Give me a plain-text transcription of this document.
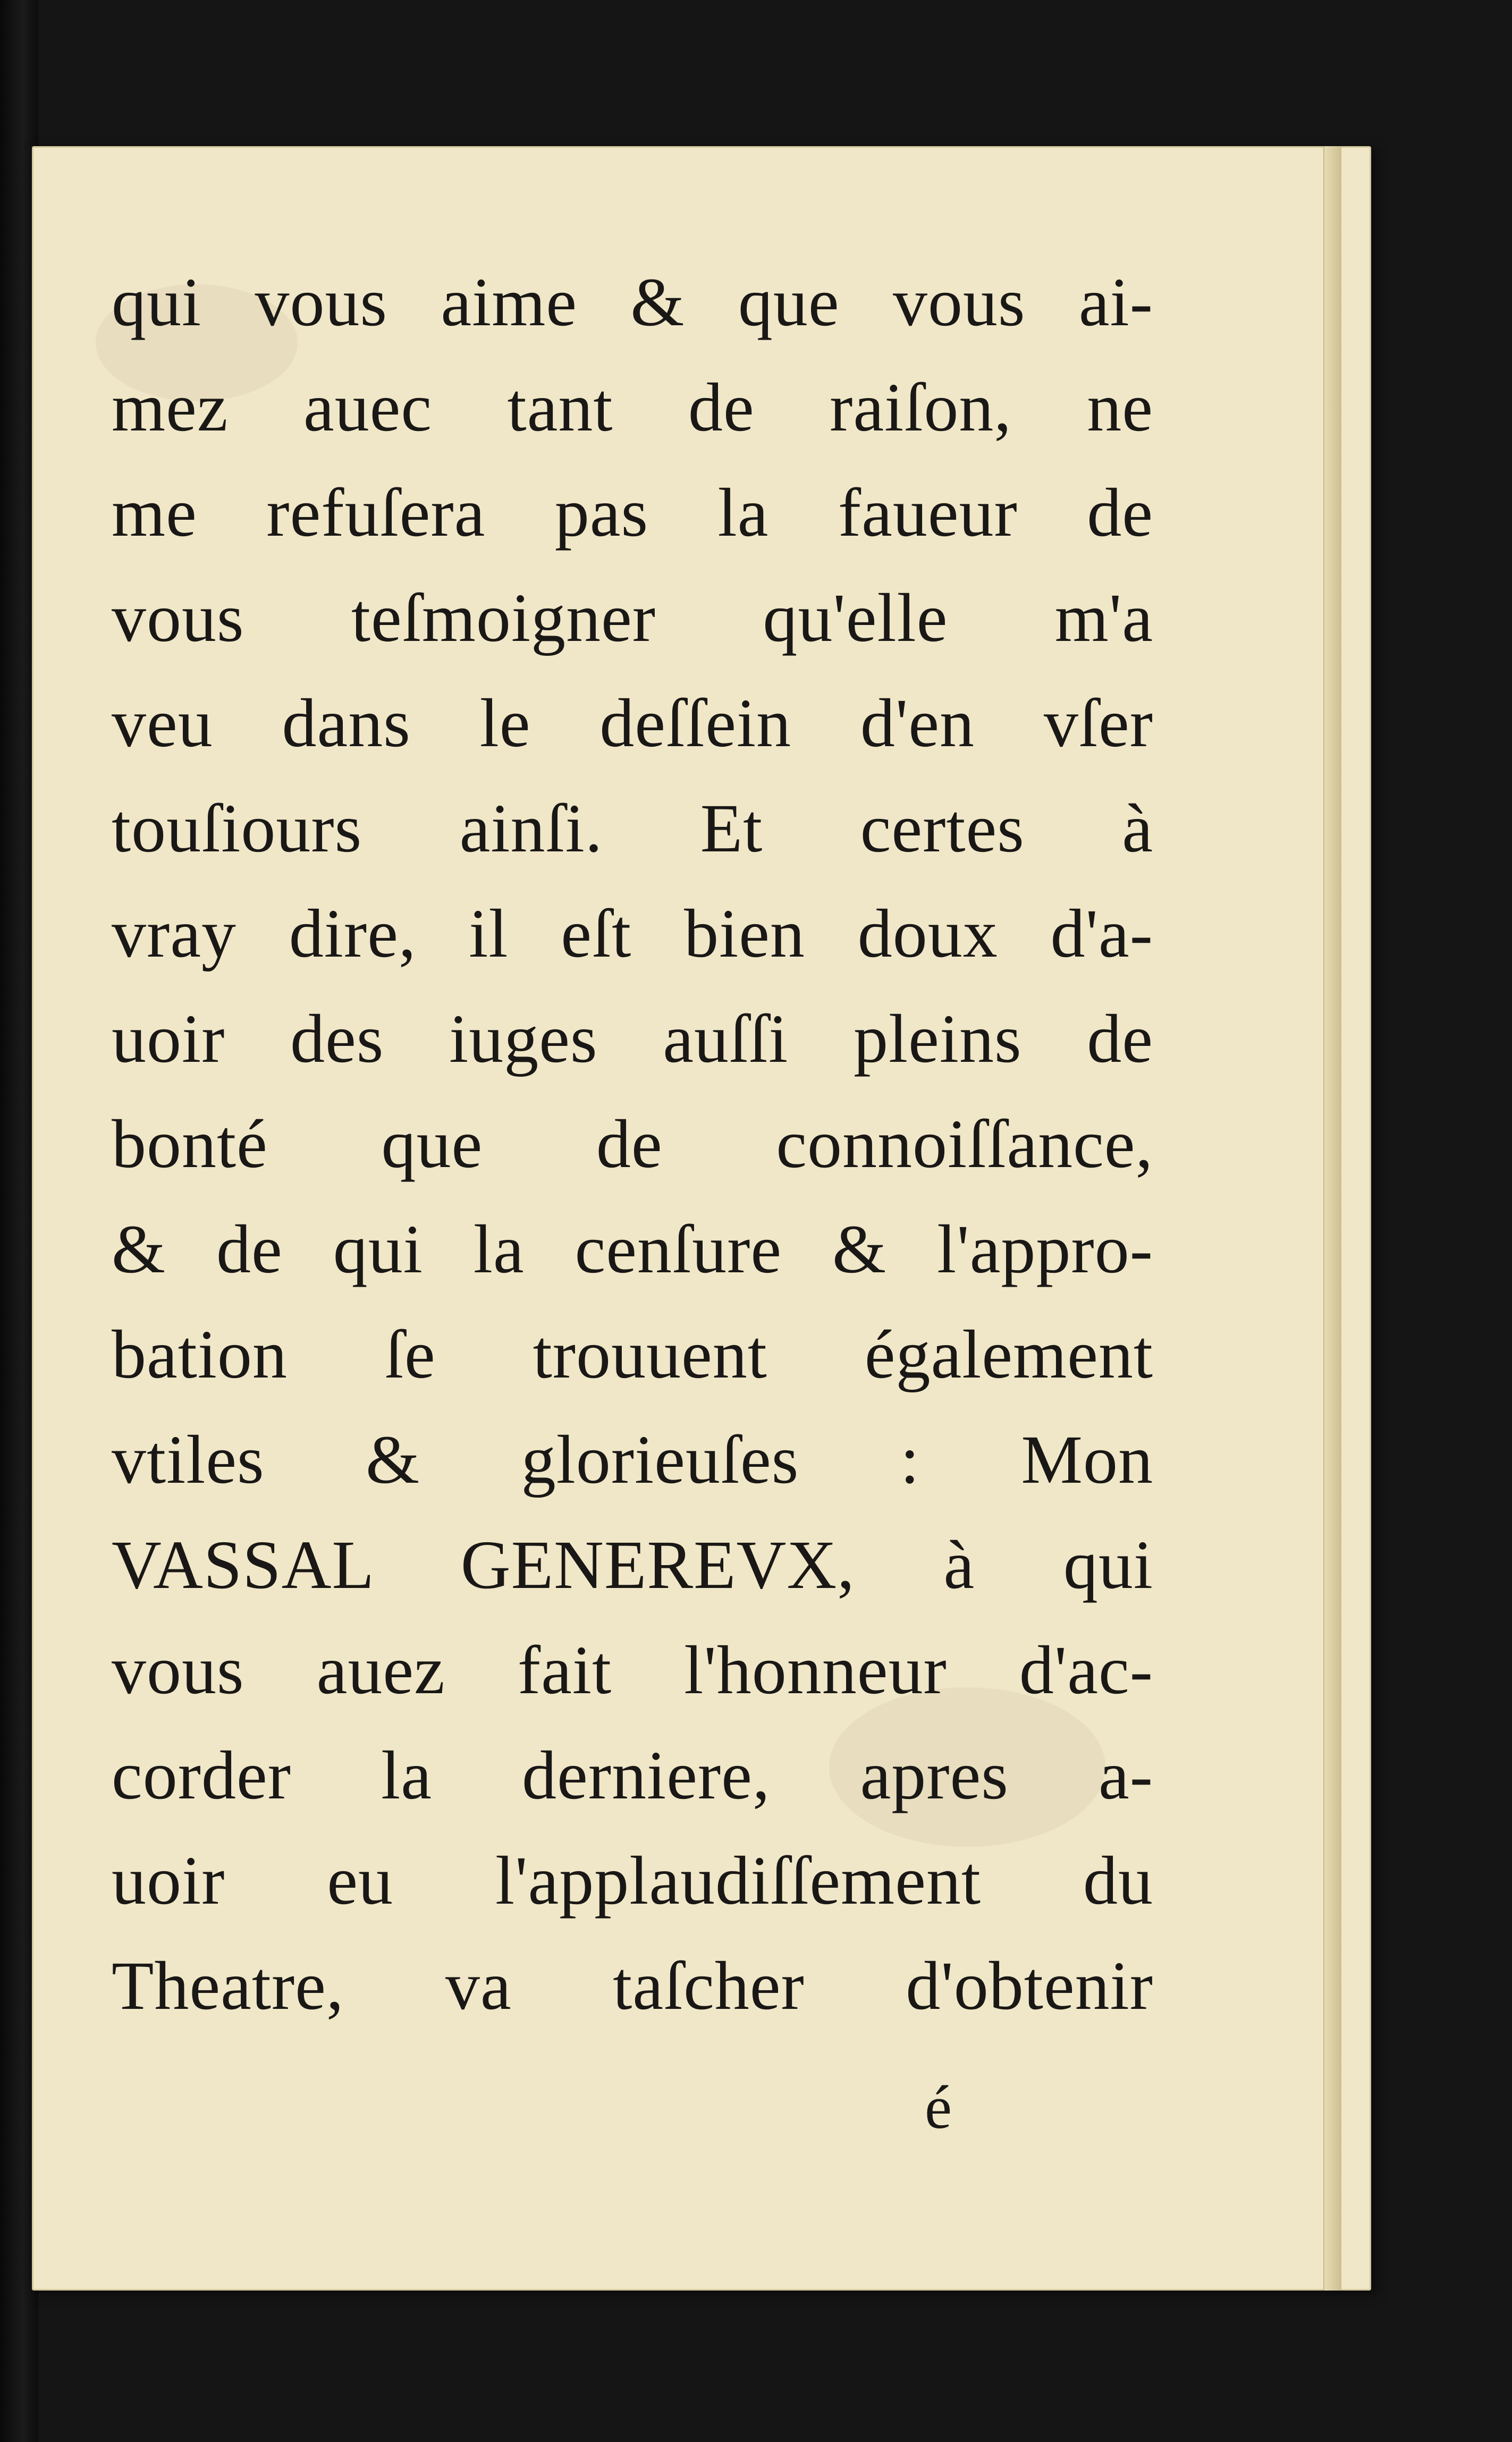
qui vous aime & que vous ai-
mez auec tant de raiſon, ne
me refuſera pas la faueur de
vous teſmoigner qu'elle m'a
veu dans le deſſein d'en vſer
touſiours ainſi. Et certes à
vray dire, il eſt bien doux d'a-
uoir des iuges auſſi pleins de
bonté que de connoiſſance,
& de qui la cenſure & l'appro-
bation ſe trouuent également
vtiles & glorieuſes : Mon
VASSAL GENEREVX, à qui
vous auez fait l'honneur d'ac-
corder la derniere, apres a-
uoir eu l'applaudiſſement du
Theatre, va taſcher d'obtenir
é
